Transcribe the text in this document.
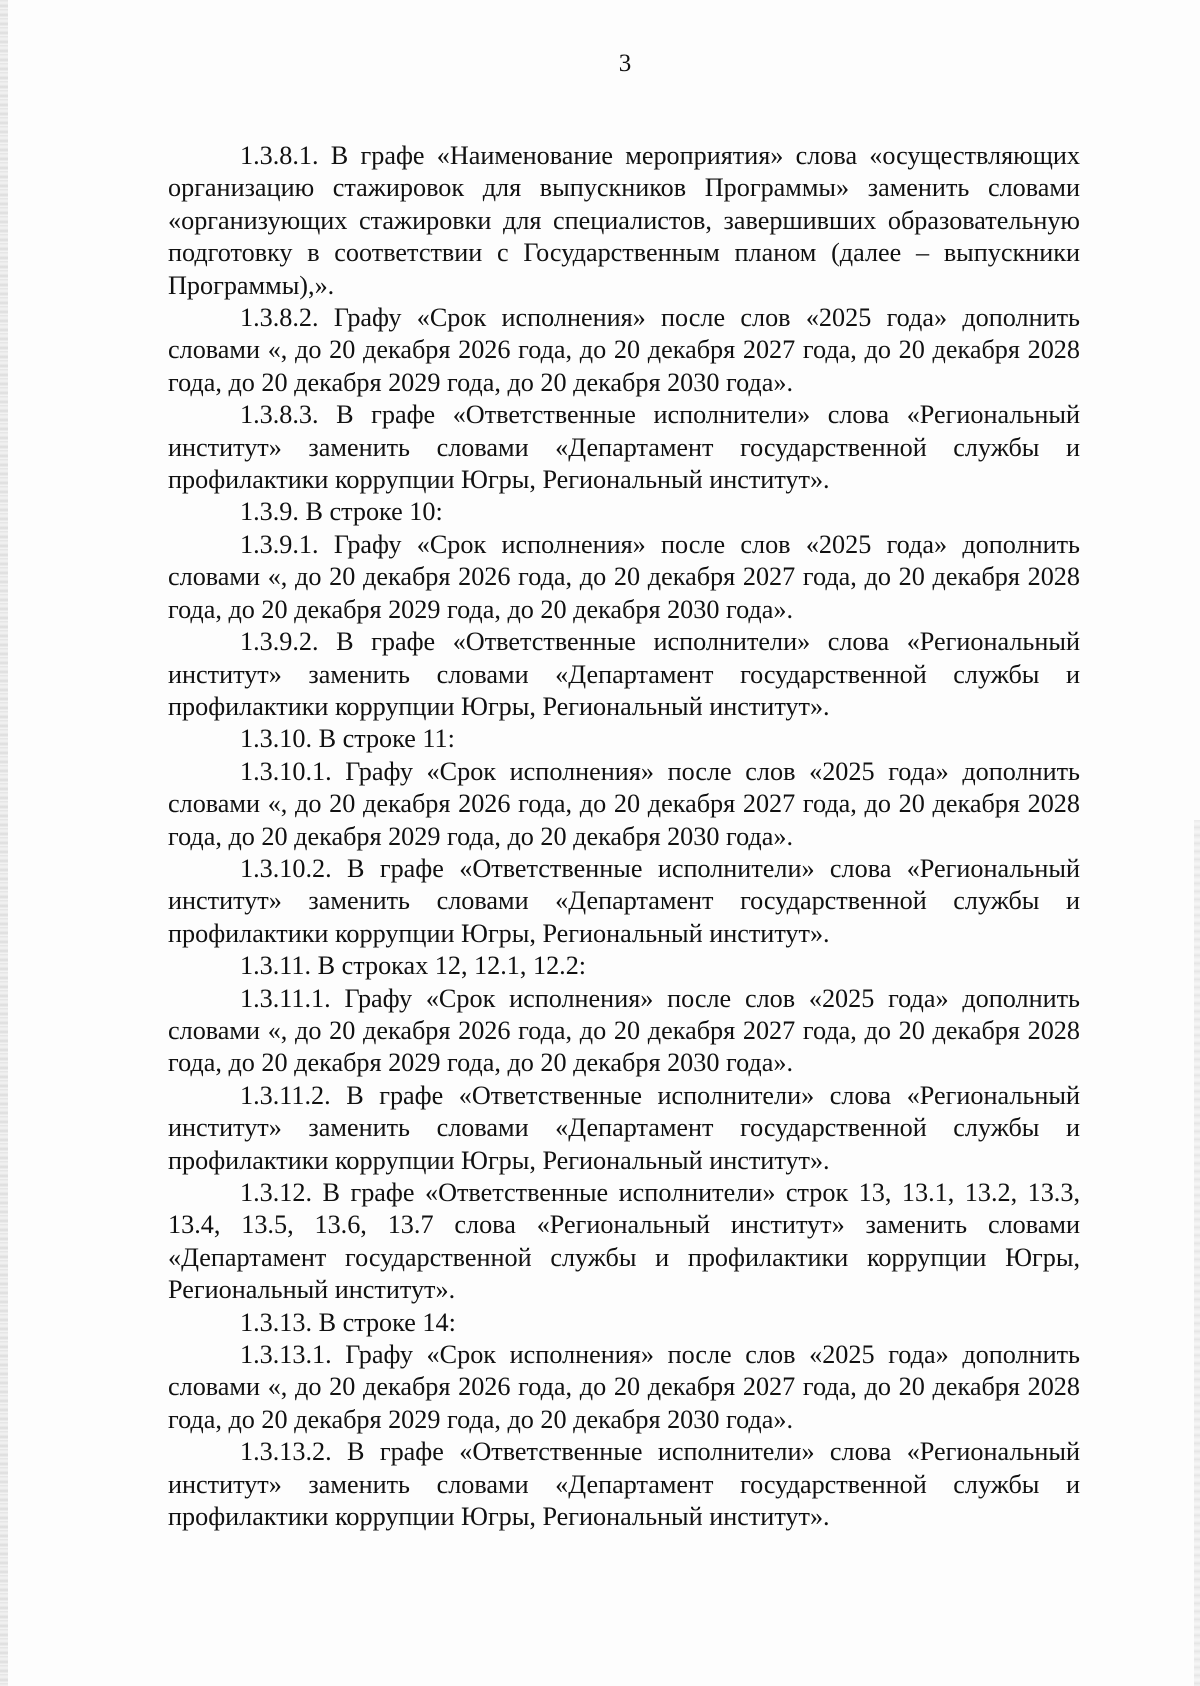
3

1.3.8.1. В графе «Наименование мероприятия» слова «осуществляющих организацию стажировок для выпускников Программы» заменить словами «организующих стажировки для специалистов, завершивших образовательную подготовку в соответствии с Государственным планом (далее – выпускники Программы),».

1.3.8.2. Графу «Срок исполнения» после слов «2025 года» дополнить словами «, до 20 декабря 2026 года, до 20 декабря 2027 года, до 20 декабря 2028 года, до 20 декабря 2029 года, до 20 декабря 2030 года».

1.3.8.3. В графе «Ответственные исполнители» слова «Региональный институт» заменить словами «Департамент государственной службы и профилактики коррупции Югры, Региональный институт».

1.3.9. В строке 10:

1.3.9.1. Графу «Срок исполнения» после слов «2025 года» дополнить словами «, до 20 декабря 2026 года, до 20 декабря 2027 года, до 20 декабря 2028 года, до 20 декабря 2029 года, до 20 декабря 2030 года».

1.3.9.2. В графе «Ответственные исполнители» слова «Региональный институт» заменить словами «Департамент государственной службы и профилактики коррупции Югры, Региональный институт».

1.3.10. В строке 11:

1.3.10.1. Графу «Срок исполнения» после слов «2025 года» дополнить словами «, до 20 декабря 2026 года, до 20 декабря 2027 года, до 20 декабря 2028 года, до 20 декабря 2029 года, до 20 декабря 2030 года».

1.3.10.2. В графе «Ответственные исполнители» слова «Региональный институт» заменить словами «Департамент государственной службы и профилактики коррупции Югры, Региональный институт».

1.3.11. В строках 12, 12.1, 12.2:

1.3.11.1. Графу «Срок исполнения» после слов «2025 года» дополнить словами «, до 20 декабря 2026 года, до 20 декабря 2027 года, до 20 декабря 2028 года, до 20 декабря 2029 года, до 20 декабря 2030 года».

1.3.11.2. В графе «Ответственные исполнители» слова «Региональный институт» заменить словами «Департамент государственной службы и профилактики коррупции Югры, Региональный институт».

1.3.12. В графе «Ответственные исполнители» строк 13, 13.1, 13.2, 13.3, 13.4, 13.5, 13.6, 13.7 слова «Региональный институт» заменить словами «Департамент государственной службы и профилактики коррупции Югры, Региональный институт».

1.3.13. В строке 14:

1.3.13.1. Графу «Срок исполнения» после слов «2025 года» дополнить словами «, до 20 декабря 2026 года, до 20 декабря 2027 года, до 20 декабря 2028 года, до 20 декабря 2029 года, до 20 декабря 2030 года».

1.3.13.2. В графе «Ответственные исполнители» слова «Региональный институт» заменить словами «Департамент государственной службы и профилактики коррупции Югры, Региональный институт».
